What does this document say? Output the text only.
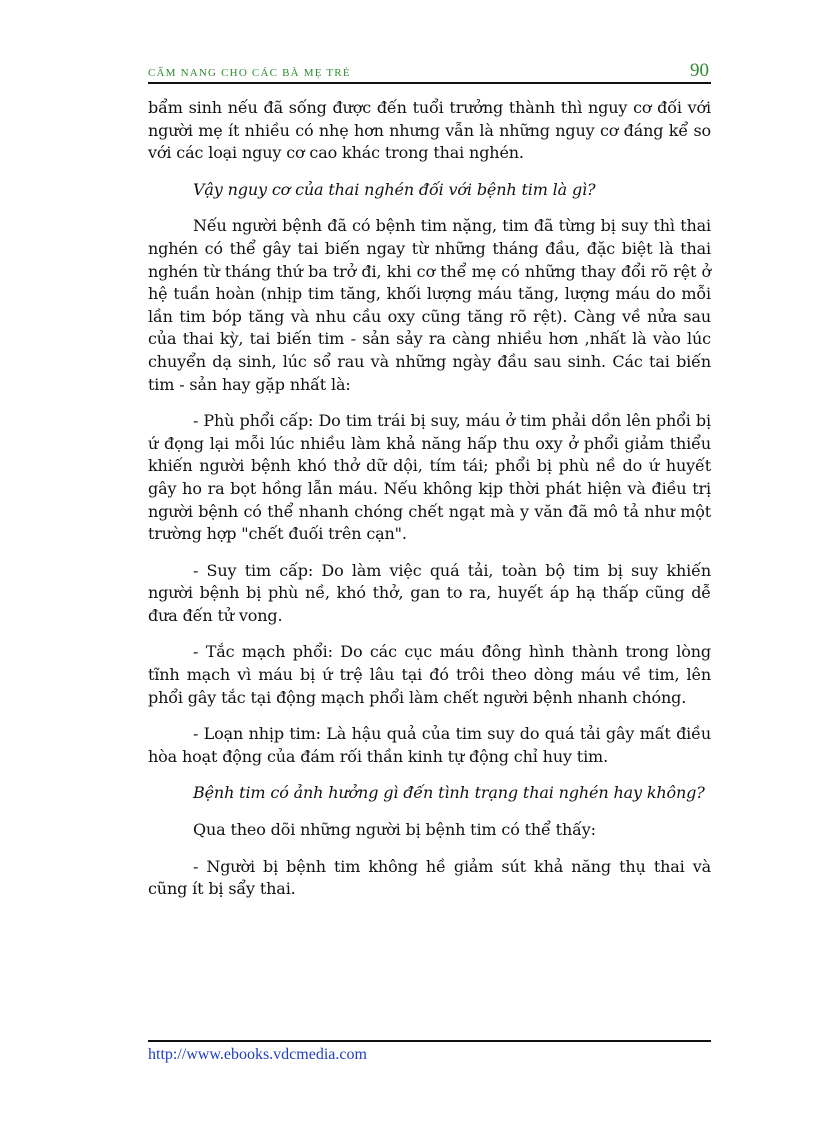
CẨM NANG CHO CÁC BÀ MẸ TRẺ	90

bẩm sinh nếu đã sống được đến tuổi trưởng thành thì nguy cơ đối với người mẹ ít nhiều có nhẹ hơn nhưng vẫn là những nguy cơ đáng kể so với các loại nguy cơ cao khác trong thai nghén.

Vậy nguy cơ của thai nghén đối với bệnh tim là gì?

Nếu người bệnh đã có bệnh tim nặng, tim đã từng bị suy thì thai nghén có thể gây tai biến ngay từ những tháng đầu, đặc biệt là thai nghén từ tháng thứ ba trở đi, khi cơ thể mẹ có những thay đổi rõ rệt ở hệ tuần hoàn (nhịp tim tăng, khối lượng máu tăng, lượng máu do mỗi lần tim bóp tăng và nhu cầu oxy cũng tăng rõ rệt). Càng về nửa sau của thai kỳ, tai biến tim - sản sảy ra càng nhiều hơn ,nhất là vào lúc chuyển dạ sinh, lúc sổ rau và những ngày đầu sau sinh. Các tai biến tim - sản hay gặp nhất là:

- Phù phổi cấp: Do tim trái bị suy, máu ở tim phải dồn lên phổi bị ứ đọng lại mỗi lúc nhiều làm khả năng hấp thu oxy ở phổi giảm thiểu khiến người bệnh khó thở dữ dội, tím tái; phổi bị phù nề do ứ huyết gây ho ra bọt hồng lẫn máu. Nếu không kịp thời phát hiện và điều trị người bệnh có thể nhanh chóng chết ngạt mà y văn đã mô tả như một trường hợp "chết đuối trên cạn".

- Suy tim cấp: Do làm việc quá tải, toàn bộ tim bị suy khiến người bệnh bị phù nề, khó thở, gan to ra, huyết áp hạ thấp cũng dễ đưa đến tử vong.

- Tắc mạch phổi: Do các cục máu đông hình thành trong lòng tĩnh mạch vì máu bị ứ trệ lâu tại đó trôi theo dòng máu về tim, lên phổi gây tắc tại động mạch phổi làm chết người bệnh nhanh chóng.

- Loạn nhịp tim: Là hậu quả của tim suy do quá tải gây mất điều hòa hoạt động của đám rối thần kinh tự động chỉ huy tim.

Bệnh tim có ảnh hưởng gì đến tình trạng thai nghén hay không?

Qua theo dõi những người bị bệnh tim có thể thấy:

- Người bị bệnh tim không hề giảm sút khả năng thụ thai và cũng ít bị sẩy thai.

http://www.ebooks.vdcmedia.com
